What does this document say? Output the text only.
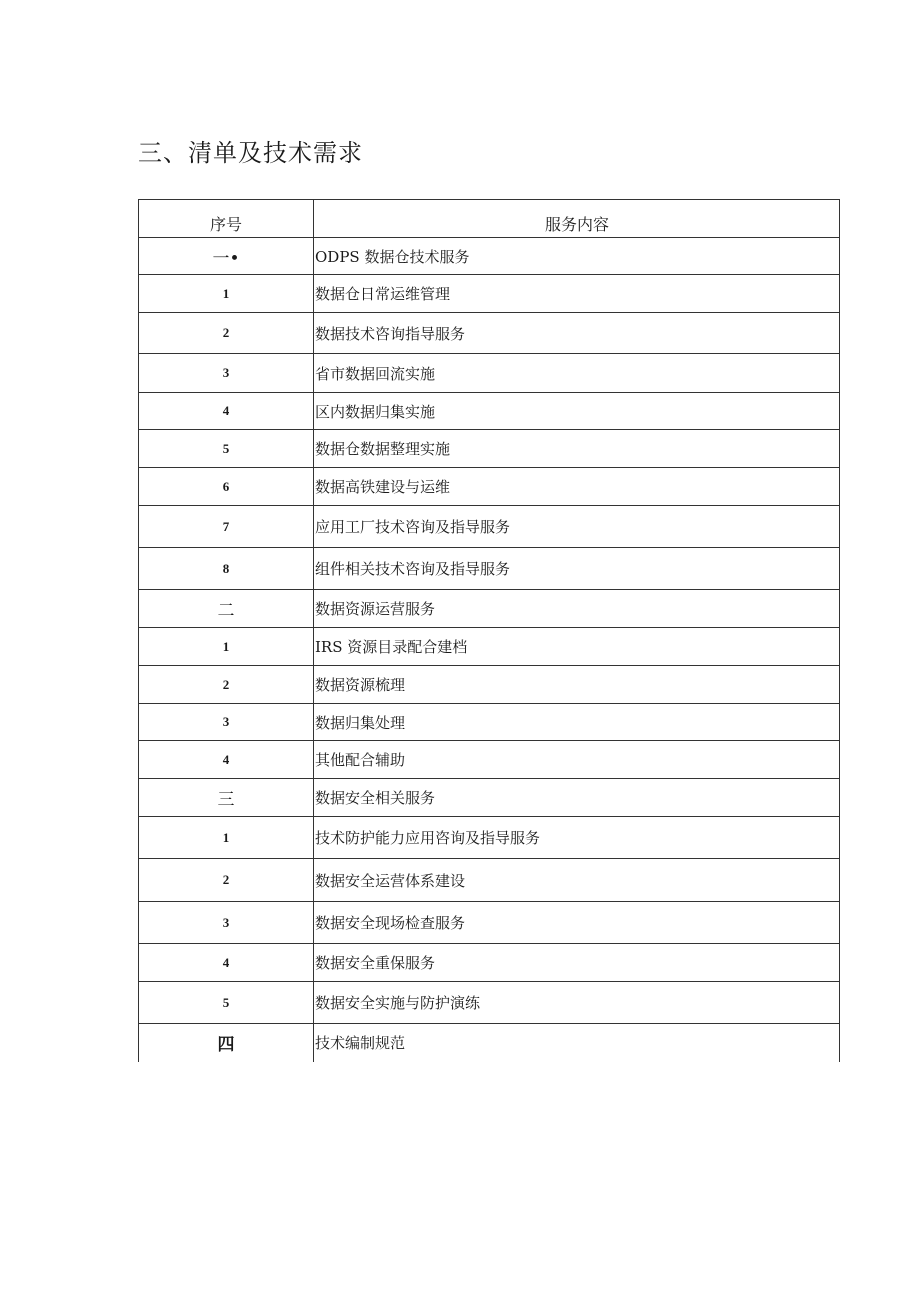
三、清单及技术需求
序号	服务内容
一•	ODPS 数据仓技术服务
1	数据仓日常运维管理
2	数据技术咨询指导服务
3	省市数据回流实施
4	区内数据归集实施
5	数据仓数据整理实施
6	数据高铁建设与运维
7	应用工厂技术咨询及指导服务
8	组件相关技术咨询及指导服务
二	数据资源运营服务
1	IRS 资源目录配合建档
2	数据资源梳理
3	数据归集处理
4	其他配合辅助
三	数据安全相关服务
1	技术防护能力应用咨询及指导服务
2	数据安全运营体系建设
3	数据安全现场检查服务
4	数据安全重保服务
5	数据安全实施与防护演练
四	技术编制规范
